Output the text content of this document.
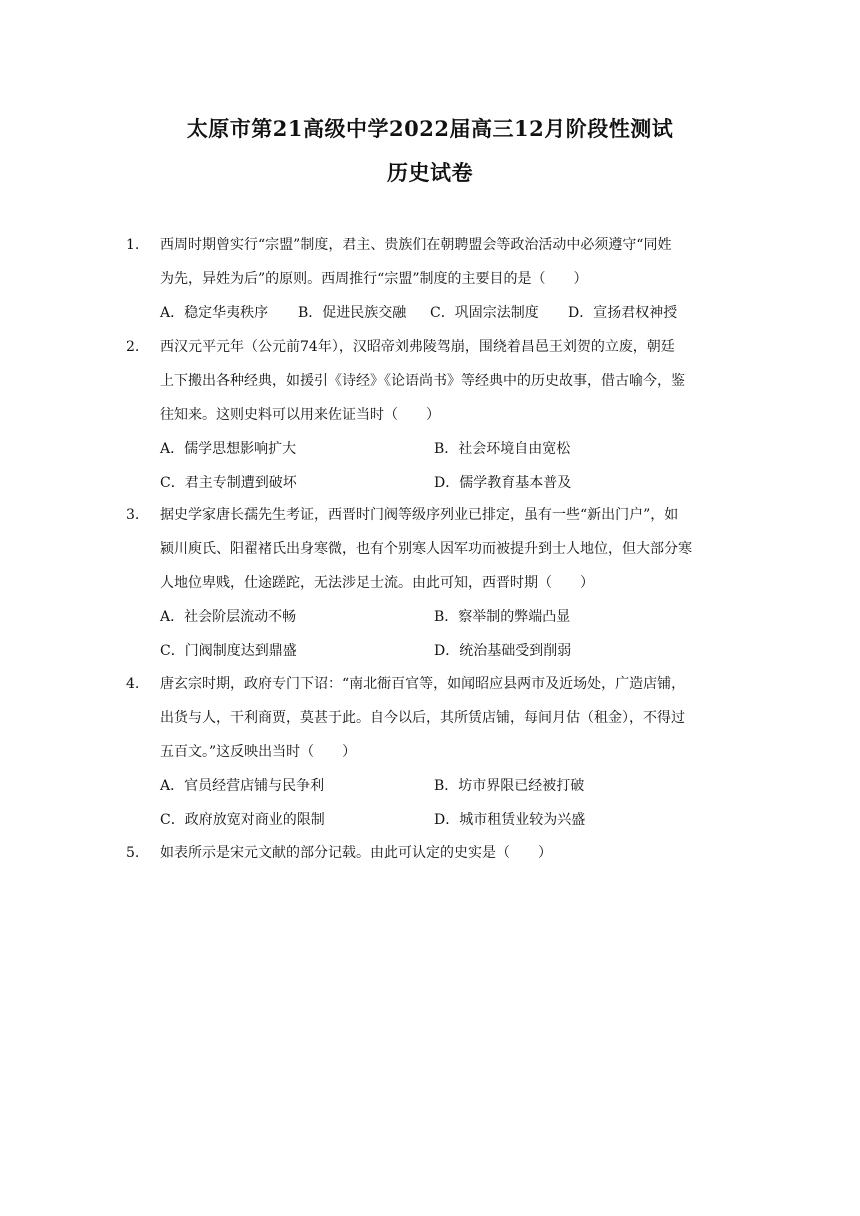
太原市第21高级中学2022届高三12月阶段性测试
历史试卷
1.	西周时期曾实行“宗盟”制度，君主、贵族们在朝聘盟会等政治活动中必须遵守“同姓
为先，异姓为后”的原则。西周推行“宗盟”制度的主要目的是（　　）
A．稳定华夷秩序 B．促进民族交融 C．巩固宗法制度 D．宣扬君权神授
2.	西汉元平元年（公元前74年），汉昭帝刘弗陵驾崩，围绕着昌邑王刘贺的立废，朝廷
上下搬出各种经典，如援引《诗经》《论语尚书》等经典中的历史故事，借古喻今，鉴
往知来。这则史料可以用来佐证当时（　　）
A．儒学思想影响扩大	B．社会环境自由宽松
C．君主专制遭到破坏	D．儒学教育基本普及
3.	据史学家唐长孺先生考证，西晋时门阀等级序列业已排定，虽有一些“新出门户”，如
颍川庾氏、阳翟褚氏出身寒微，也有个别寒人因军功而被提升到士人地位，但大部分寒
人地位卑贱，仕途蹉跎，无法涉足士流。由此可知，西晋时期（　　）
A．社会阶层流动不畅	B．察举制的弊端凸显
C．门阀制度达到鼎盛	D．统治基础受到削弱
4.	唐玄宗时期，政府专门下诏：“南北衙百官等，如闻昭应县两市及近场处，广造店铺，
出货与人，干利商贾，莫甚于此。自今以后，其所赁店铺，每间月估（租金），不得过
五百文。”这反映出当时（　　）
A．官员经营店铺与民争利	B．坊市界限已经被打破
C．政府放宽对商业的限制	D．城市租赁业较为兴盛
5.	如表所示是宋元文献的部分记载。由此可认定的史实是（　　）
